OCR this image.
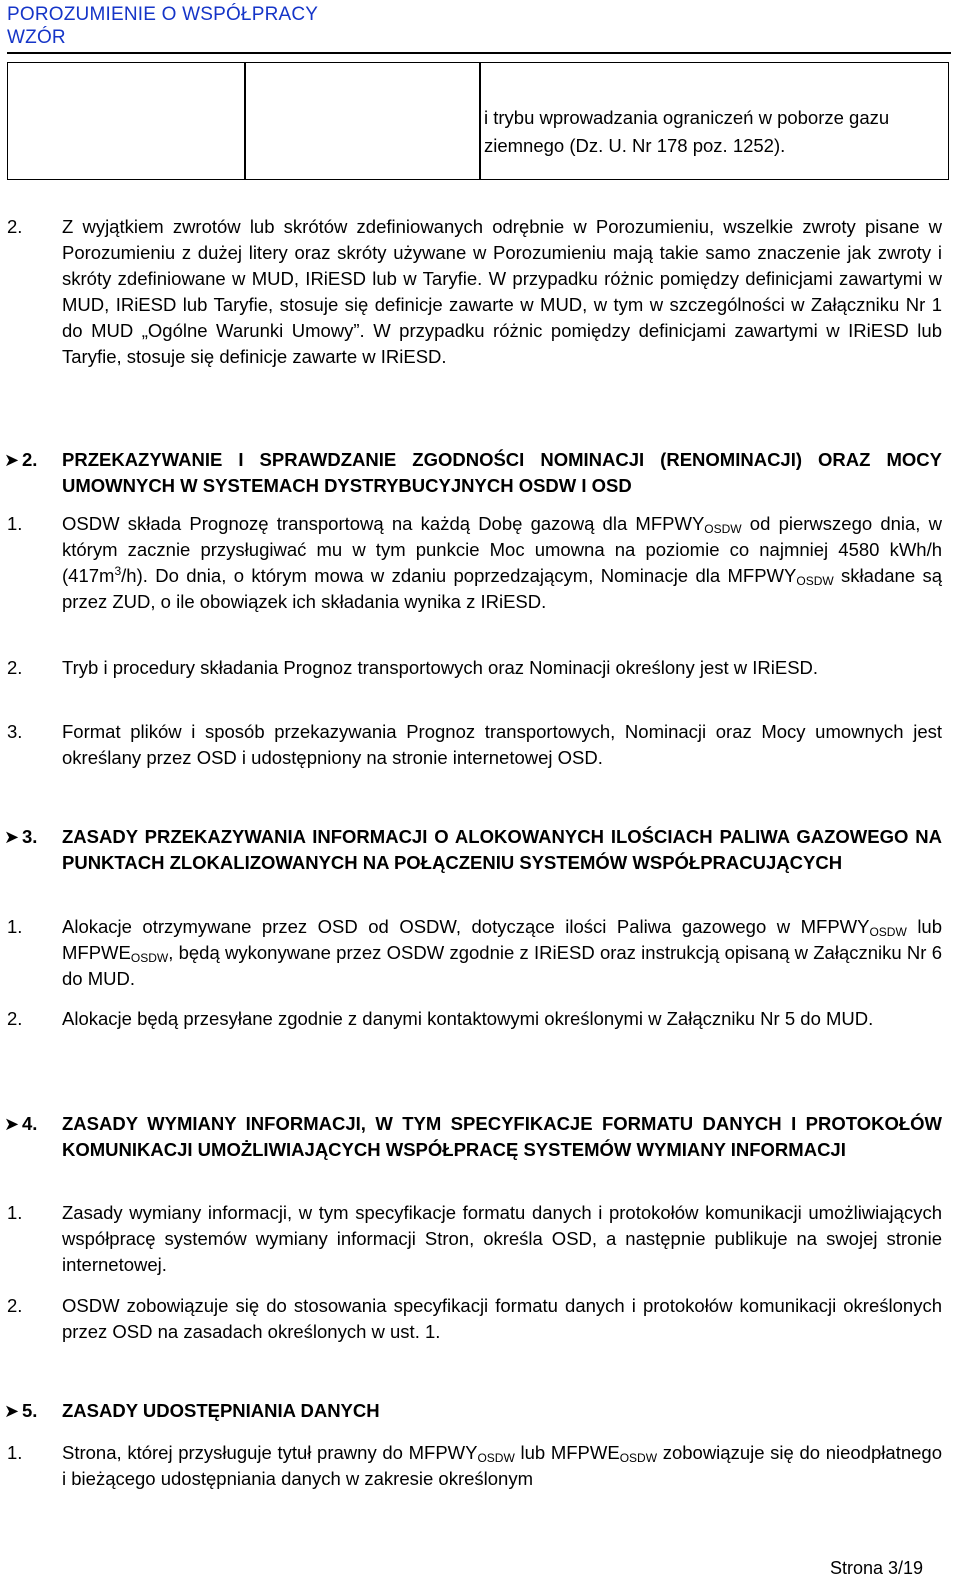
POROZUMIENIE O WSPÓŁPRACY
WZÓR
i trybu wprowadzania ograniczeń w poborze gazu ziemnego (Dz. U. Nr 178 poz. 1252).
2. Z wyjątkiem zwrotów lub skrótów zdefiniowanych odrębnie w Porozumieniu, wszelkie zwroty pisane w Porozumieniu z dużej litery oraz skróty używane w Porozumieniu mają takie samo znaczenie jak zwroty i skróty zdefiniowane w MUD, IRiESD lub w Taryfie. W przypadku różnic pomiędzy definicjami zawartymi w MUD, IRiESD lub Taryfie, stosuje się definicje zawarte w MUD, w tym w szczególności w Załączniku Nr 1 do MUD „Ogólne Warunki Umowy”. W przypadku różnic pomiędzy definicjami zawartymi w IRiESD lub Taryfie, stosuje się definicje zawarte w IRiESD.
➤ 2. PRZEKAZYWANIE I SPRAWDZANIE ZGODNOŚCI NOMINACJI (RENOMINACJI) ORAZ MOCY UMOWNYCH W SYSTEMACH DYSTRYBUCYJNYCH OSDW I OSD
1. OSDW składa Prognozę transportową na każdą Dobę gazową dla $MFPWY_{OSDW}$ od pierwszego dnia, w którym zacznie przysługiwać mu w tym punkcie Moc umowna na poziomie co najmniej 4580 kWh/h $(417m^3/h)$. Do dnia, o którym mowa w zdaniu poprzedzającym, Nominacje dla $MFPWY_{OSDW}$ składane są przez ZUD, o ile obowiązek ich składania wynika z IRiESD.
2. Tryb i procedury składania Prognoz transportowych oraz Nominacji określony jest w IRiESD.
3. Format plików i sposób przekazywania Prognoz transportowych, Nominacji oraz Mocy umownych jest określany przez OSD i udostępniony na stronie internetowej OSD.
➤ 3. ZASADY PRZEKAZYWANIA INFORMACJI O ALOKOWANYCH ILOŚCIACH PALIWA GAZOWEGO NA PUNKTACH ZLOKALIZOWANYCH NA POŁĄCZENIU SYSTEMÓW WSPÓŁPRACUJĄCYCH
1. Alokacje otrzymywane przez OSD od OSDW, dotyczące ilości Paliwa gazowego w $MFPWY_{OSDW}$ lub $MFPWE_{OSDW}$, będą wykonywane przez OSDW zgodnie z IRiESD oraz instrukcją opisaną w Załączniku Nr 6 do MUD.
2. Alokacje będą przesyłane zgodnie z danymi kontaktowymi określonymi w Załączniku Nr 5 do MUD.
➤ 4. ZASADY WYMIANY INFORMACJI, W TYM SPECYFIKACJE FORMATU DANYCH I PROTOKOŁÓW KOMUNIKACJI UMOŻLIWIAJĄCYCH WSPÓŁPRACĘ SYSTEMÓW WYMIANY INFORMACJI
1. Zasady wymiany informacji, w tym specyfikacje formatu danych i protokołów komunikacji umożliwiających współpracę systemów wymiany informacji Stron, określa OSD, a następnie publikuje na swojej stronie internetowej.
2. OSDW zobowiązuje się do stosowania specyfikacji formatu danych i protokołów komunikacji określonych przez OSD na zasadach określonych w ust. 1.
➤ 5. ZASADY UDOSTĘPNIANIA DANYCH
1. Strona, której przysługuje tytuł prawny do $MFPWY_{OSDW}$ lub $MFPWE_{OSDW}$ zobowiązuje się do nieodpłatnego i bieżącego udostępniania danych w zakresie określonym
Strona 3/19
